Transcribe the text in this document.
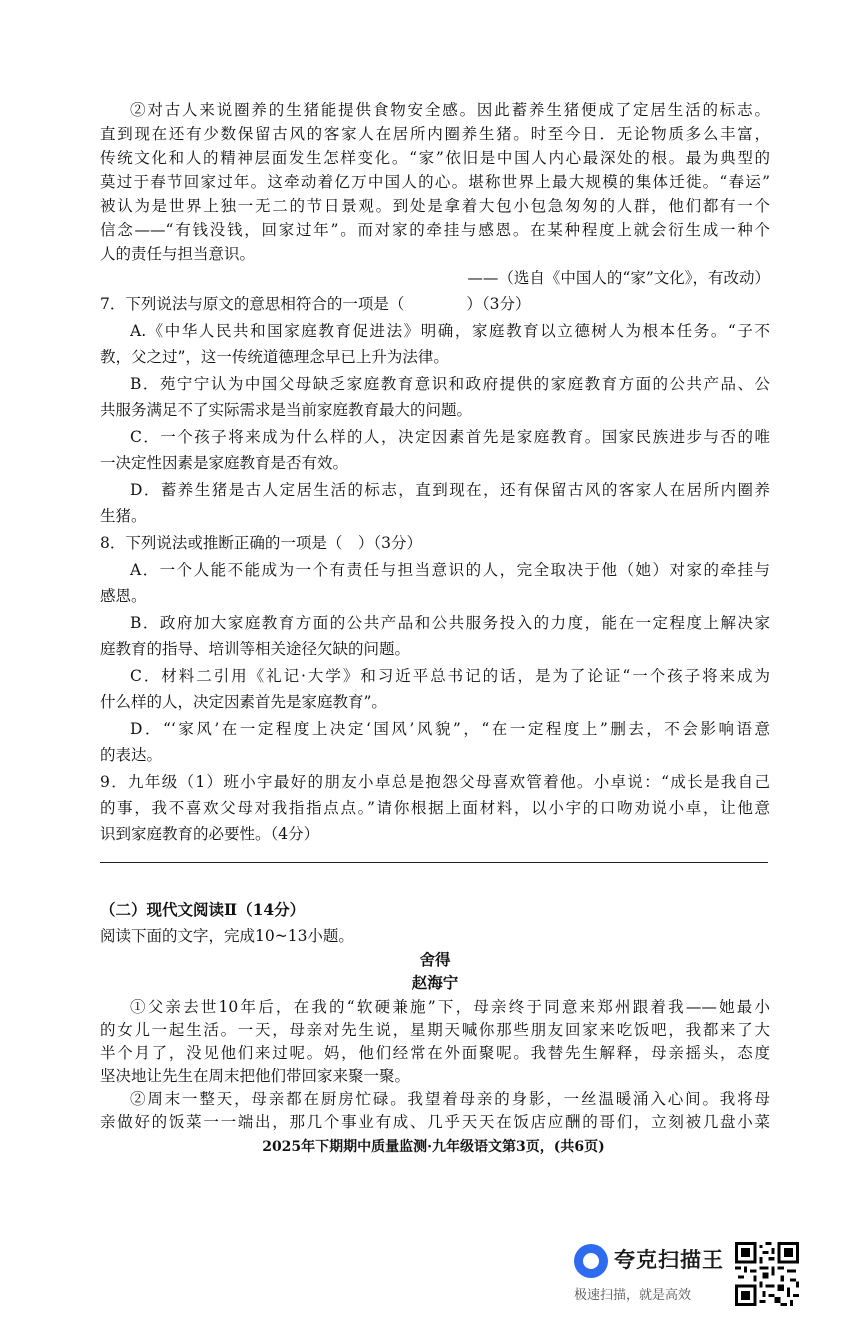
②对古人来说圈养的生猪能提供食物安全感。因此蓄养生猪便成了定居生活的标志。
直到现在还有少数保留古风的客家人在居所内圈养生猪。时至今日．无论物质多么丰富，
传统文化和人的精神层面发生怎样变化。“家”依旧是中国人内心最深处的根。最为典型的
莫过于春节回家过年。这牵动着亿万中国人的心。堪称世界上最大规模的集体迁徙。“春运”
被认为是世界上独一无二的节日景观。到处是拿着大包小包急匆匆的人群，他们都有一个
信念——“有钱没钱，回家过年”。而对家的牵挂与感恩。在某种程度上就会衍生成一种个
人的责任与担当意识。
——（选自《中国人的“家”文化》，有改动）
7．下列说法与原文的意思相符合的一项是（　　　　）（3分）
A.《中华人民共和国家庭教育促进法》明确，家庭教育以立德树人为根本任务。“子不
教，父之过”，这一传统道德理念早已上升为法律。
B．苑宁宁认为中国父母缺乏家庭教育意识和政府提供的家庭教育方面的公共产品、公
共服务满足不了实际需求是当前家庭教育最大的问题。
C．一个孩子将来成为什么样的人，决定因素首先是家庭教育。国家民族进步与否的唯
一决定性因素是家庭教育是否有效。
D．蓄养生猪是古人定居生活的标志，直到现在，还有保留古风的客家人在居所内圈养
生猪。
8．下列说法或推断正确的一项是（　）（3分）
A．一个人能不能成为一个有责任与担当意识的人，完全取决于他（她）对家的牵挂与
感恩。
B．政府加大家庭教育方面的公共产品和公共服务投入的力度，能在一定程度上解决家
庭教育的指导、培训等相关途径欠缺的问题。
C．材料二引用《礼记·大学》和习近平总书记的话，是为了论证“一个孩子将来成为
什么样的人，决定因素首先是家庭教育”。
D．“‘家风’在一定程度上决定‘国风’风貌”，“在一定程度上”删去，不会影响语意
的表达。
9．九年级（1）班小宇最好的朋友小卓总是抱怨父母喜欢管着他。小卓说：“成长是我自己
的事，我不喜欢父母对我指指点点。”请你根据上面材料，以小宇的口吻劝说小卓，让他意
识到家庭教育的必要性。（4分）
（二）现代文阅读Ⅱ（14分）
阅读下面的文字，完成10~13小题。
舍得
赵海宁
①父亲去世10年后，在我的“软硬兼施”下，母亲终于同意来郑州跟着我——她最小
的女儿一起生活。一天，母亲对先生说，星期天喊你那些朋友回家来吃饭吧，我都来了大
半个月了，没见他们来过呢。妈，他们经常在外面聚呢。我替先生解释，母亲摇头，态度
坚决地让先生在周末把他们带回家来聚一聚。
②周末一整天，母亲都在厨房忙碌。我望着母亲的身影，一丝温暖涌入心间。我将母
亲做好的饭菜一一端出，那几个事业有成、几乎天天在饭店应酬的哥们，立刻被几盘小菜
2025年下期期中质量监测·九年级语文第3页，(共6页)
夸克扫描王
极速扫描，就是高效
